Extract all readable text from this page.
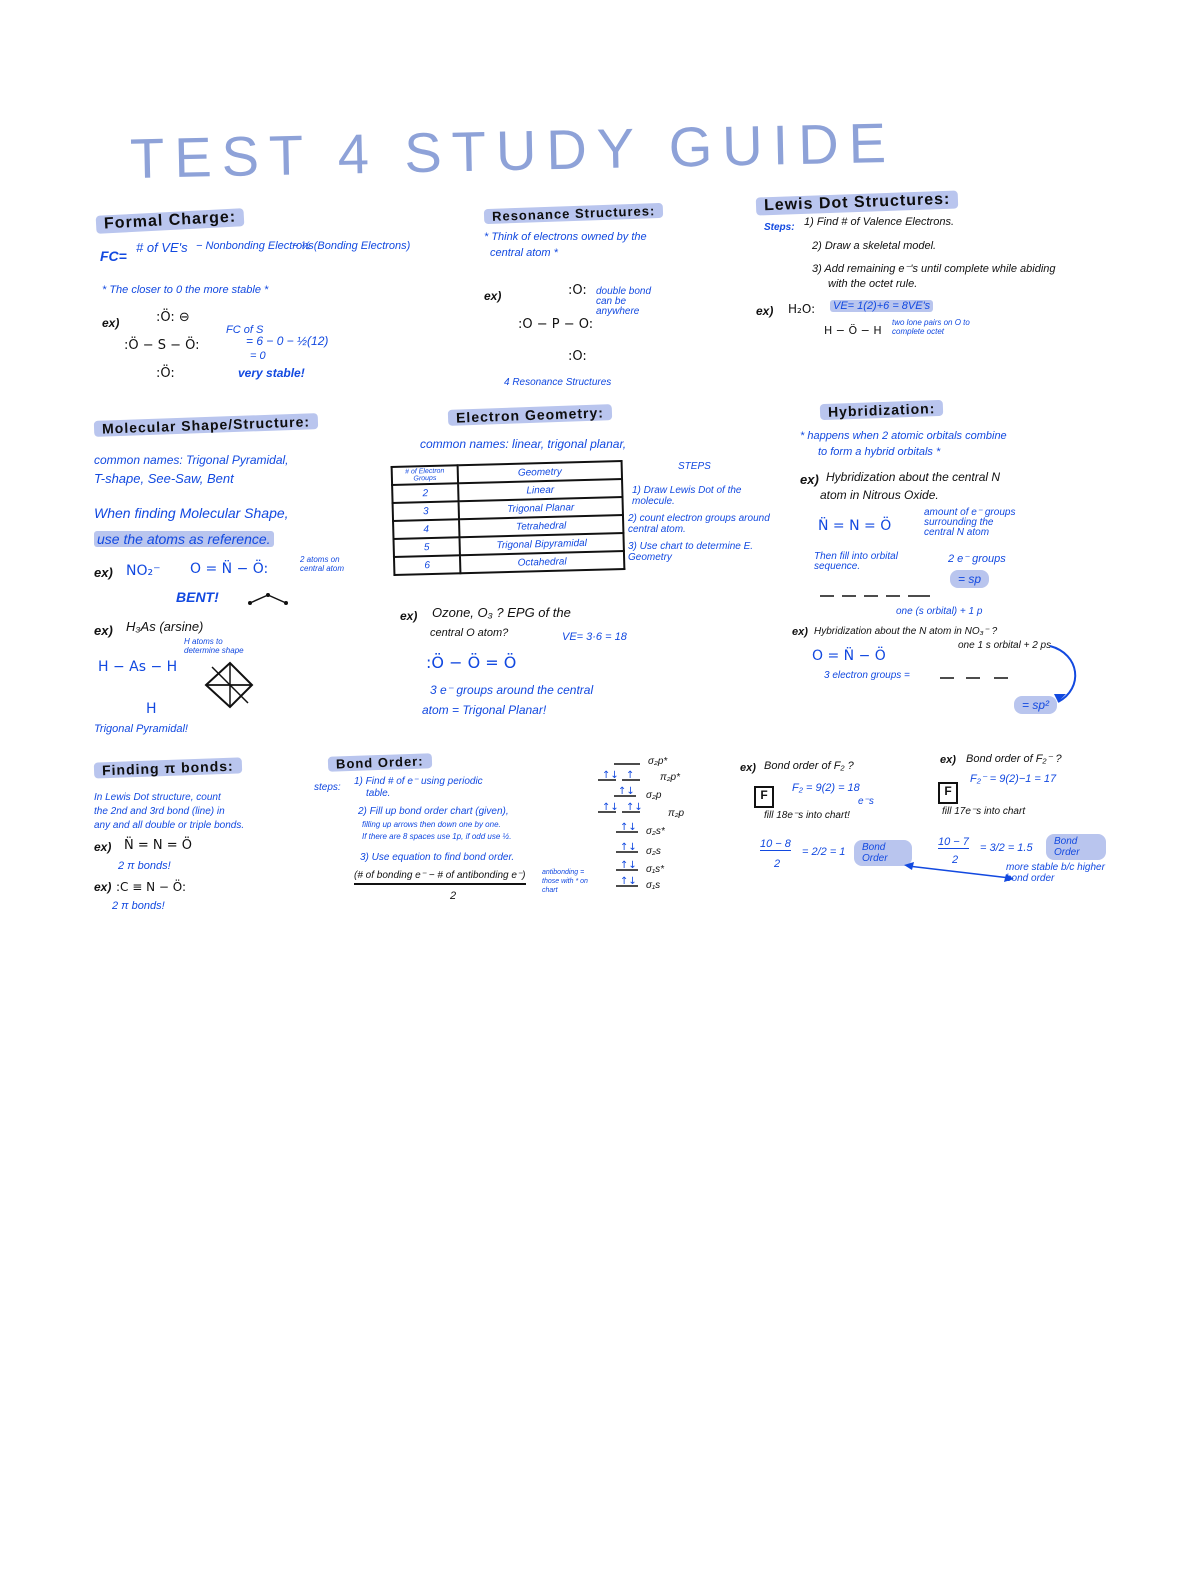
TEST 4 STUDY GUIDE
Formal Charge:
FC=
# of VE's − Nonbonding Electrons
− ½ (Bonding Electrons)
* The closer to 0 the more stable *
ex)	:Ö: ⊖
:Ö − S − Ö:
:Ö:
FC of S
= 6 − 0 − ½(12)
= 0
very stable!
Resonance Structures:
* Think of electrons owned by the
central atom *
ex)	:O:
:O − P − O:
:O:
double bond can be anywhere
4 Resonance Structures
Lewis Dot Structures:
Steps: 1) Find # of Valence Electrons.
2) Draw a skeletal model.
3) Add remaining e⁻'s until complete while abiding
with the octet rule.
ex) H₂O: VE= 1(2)+6 = 8VE's
H − Ö − H
two lone pairs on O to complete octet
Molecular Shape/Structure:
common names: Trigonal Pyramidal,
T-shape, See-Saw, Bent
When finding Molecular Shape,
use the atoms as reference.
ex) NO₂⁻ O = N̈ − Ö:
2 atoms on central atom
BENT!
ex) H₃As (arsine)
H atoms to determine shape
H − As − H
H
Trigonal Pyramidal!
Electron Geometry:
common names: linear, trigonal planar,
STEPS
1) Draw Lewis Dot of the molecule.
2) count electron groups around central atom.
3) Use chart to determine E. Geometry
ex) Ozone, O₃ ? EPG of the
central O atom?	VE= 3·6 = 18
:Ö − Ö = Ö
3 e⁻ groups around the central
atom = Trigonal Planar!
# of Electron Groups	Geometry
2	Linear
3	Trigonal Planar
4	Tetrahedral
5	Trigonal Bipyramidal
6	Octahedral
Hybridization:
* happens when 2 atomic orbitals combine
to form a hybrid orbitals *
ex) Hybridization about the central N
atom in Nitrous Oxide.
N̈ = N = Ö
amount of e⁻ groups surrounding the central N atom
Then fill into orbital sequence.
2 e⁻ groups
= sp
one (s orbital) + 1 p
ex) Hybridization about the N atom in NO₃⁻ ?
one 1 s orbital + 2 ps
O = N̈ − Ö
3 electron groups =
= sp²
Finding π bonds:
In Lewis Dot structure, count
the 2nd and 3rd bond (line) in
any and all double or triple bonds.
ex) N̈ = N = Ö
2 π bonds!
ex) :C ≡ N − Ö:
2 π bonds!
Bond Order:
steps:
1) Find # of e⁻ using periodic
table.
2) Fill up bond order chart (given),
filling up arrows then down one by one.
If there are 8 spaces use 1p, if odd use ½.
3) Use equation to find bond order.
(# of bonding e⁻ − # of antibonding e⁻)
2
antibonding = those with * on chart
↑↓ ↑
↑↓
↑↓ ↑↓
↑↓
↑↓
↑↓
↑↓
σ₂p*
π₂p*
σ₂p
π₂p
σ₂s*
σ₂s
σ₁s*
σ₁s
ex) Bond order of F₂ ?
F	F₂ = 9(2) = 18
e⁻s
fill 18e⁻s into chart!
10 − 8
2
= 2/2 = 1	Bond Order
ex) Bond order of F₂⁻ ?
F
F₂⁻ = 9(2)−1 = 17
fill 17e⁻s into chart
10 − 7
2
= 3/2 = 1.5
Bond Order
more stable b/c higher bond order
